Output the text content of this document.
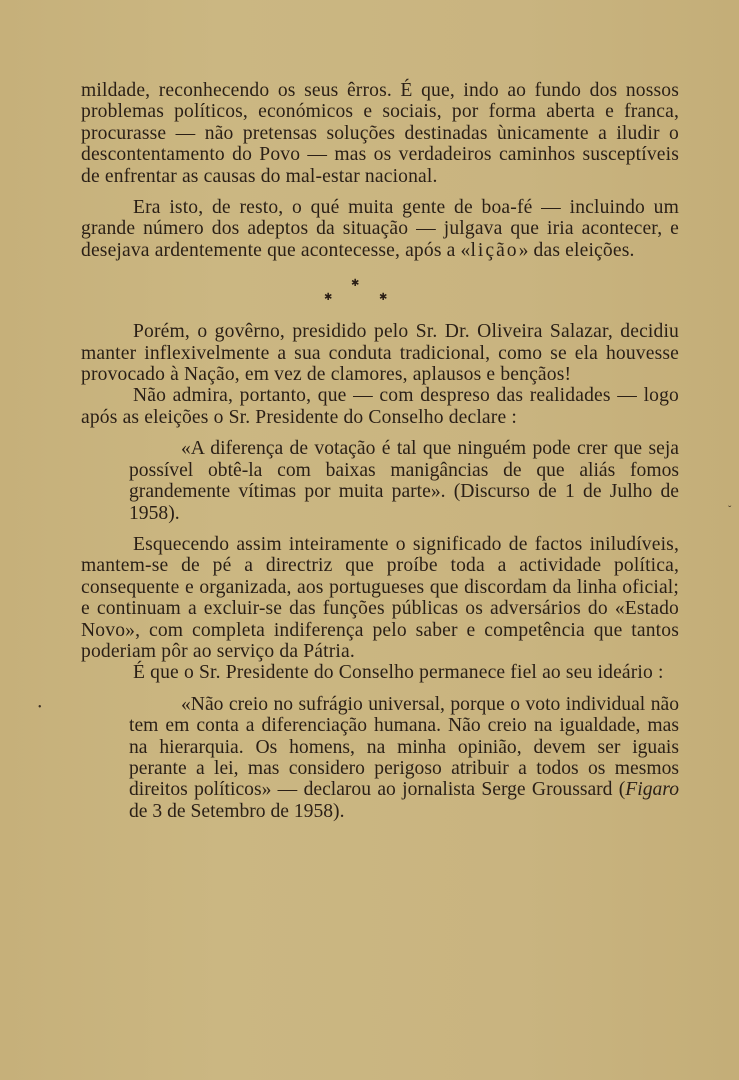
mildade, reconhecendo os seus êrros. É que, indo ao fundo dos nossos problemas políticos, económicos e sociais, por forma aberta e franca, procurasse — não pretensas soluções destinadas ùnicamente a iludir o descontentamento do Povo — mas os verdadeiros caminhos susceptíveis de enfrentar as causas do mal-estar nacional.

Era isto, de resto, o qué muita gente de boa-fé — incluindo um grande número dos adeptos da situação — julgava que iria acontecer, e desejava ardentemente que acontecesse, após a «lição» das eleições.

✱
✱	✱

Porém, o govêrno, presidido pelo Sr. Dr. Oliveira Salazar, decidiu manter inflexivelmente a sua conduta tradicional, como se ela houvesse provocado à Nação, em vez de clamores, aplausos e bençãos!

Não admira, portanto, que — com despreso das realidades — logo após as eleições o Sr. Presidente do Conselho declare :

«A diferença de votação é tal que ninguém pode crer que seja possível obtê-la com baixas manigâncias de que aliás fomos grandemente vítimas por muita parte». (Discurso de 1 de Julho de 1958).

Esquecendo assim inteiramente o significado de factos iniludíveis, mantem-se de pé a directriz que proíbe toda a actividade política, consequente e organizada, aos portugueses que discordam da linha oficial; e continuam a excluir-se das funções públicas os adversários do «Estado Novo», com completa indiferença pelo saber e competência que tantos poderiam pôr ao serviço da Pátria.

É que o Sr. Presidente do Conselho permanece fiel ao seu ideário :

«Não creio no sufrágio universal, porque o voto individual não tem em conta a diferenciação humana. Não creio na igualdade, mas na hierarquia. Os homens, na minha opinião, devem ser iguais perante a lei, mas considero perigoso atribuir a todos os mesmos direitos políticos» — declarou ao jornalista Serge Groussard (Figaro de 3 de Setembro de 1958).

•
ˇ
